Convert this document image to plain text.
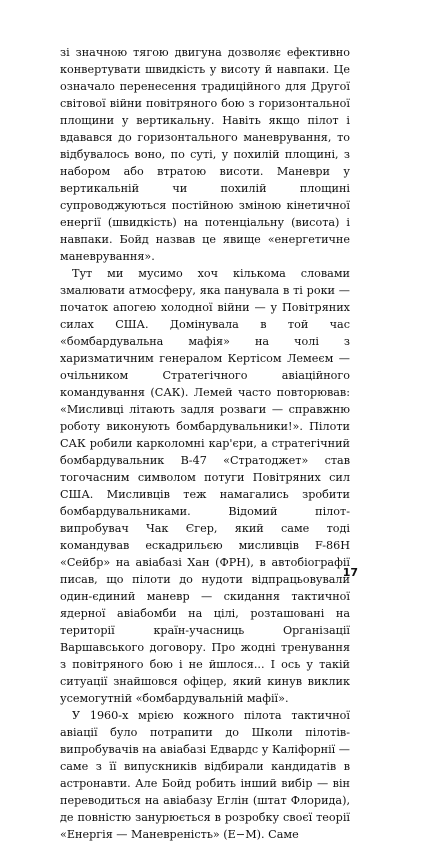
зі значною тягою двигуна дозволяє ефективно конвертувати швидкість у висоту й навпаки. Це означало перенесення традиційного для Другої світової війни повітряного бою з горизонтальної площини у вертикальну. Навіть якщо пілот і вдавався до горизонтального маневрування, то відбувалось воно, по суті, у похилій площині, з набором або втратою висоти. Маневри у вертикальній чи похилій площині супроводжуються постійною зміною кінетичної енергії (швидкість) на потенціальну (висота) і навпаки. Бойд назвав це явище «енергетичне маневрування».

Тут ми мусимо хоч кількома словами змалювати атмосферу, яка панувала в ті роки — початок апогею холодної війни — у Повітряних силах США. Домінувала в той час «бомбардувальна мафія» на чолі з харизматичним генералом Кертісом Лемеєм — очільником Стратегічного авіаційного командування (САК). Лемей часто повторював: «Мисливці літають задля розваги — справжню роботу виконують бомбардувальники!». Пілоти САК робили карколомні кар'єри, а стратегічний бомбардувальник В-47 «Стратоджет» став тогочасним символом потуги Повітряних сил США. Мисливців теж намагались зробити бомбардувальниками. Відомий пілот-випробувач Чак Єгер, який саме тоді командував ескадрильєю мисливців F-86H «Сейбр» на авіабазі Хан (ФРН), в автобіографії писав, що пілоти до нудоти відпрацьовували один-єдиний маневр — скидання тактичної ядерної авіабомби на цілі, розташовані на території країн-учасниць Організації Варшавського договору. Про жодні тренування з повітряного бою і не йшлося... І ось у такій ситуації знайшовся офіцер, який кинув виклик усемогутній «бомбардувальній мафії».

У 1960-х мрією кожного пілота тактичної авіації було потрапити до Школи пілотів-випробувачів на авіабазі Едвардс у Каліфорнії — саме з її випускників відбирали кандидатів в астронавти. Але Бойд робить інший вибір — він переводиться на авіабазу Еглін (штат Флорида), де повністю занурюється в розробку своєї теорії «Енергія — Маневреність» (Е−М). Саме

17
